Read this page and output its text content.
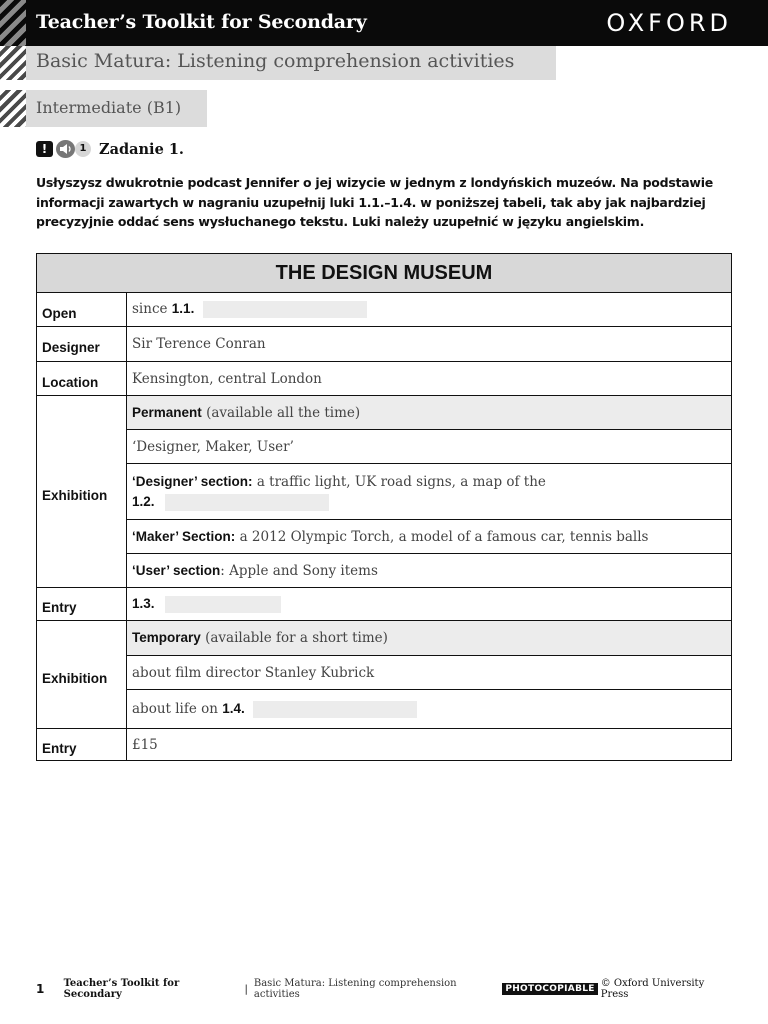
Teacher’s Toolkit for Secondary	OXFORD
Basic Matura: Listening comprehension activities
Intermediate (B1)
!	1 Zadanie 1.
Usłyszysz dwukrotnie podcast Jennifer o jej wizycie w jednym z londyńskich muzeów. Na podstawie informacji zawartych w nagraniu uzupełnij luki 1.1.–1.4. w poniższej tabeli, tak aby jak najbardziej precyzyjnie oddać sens wysłuchanego tekstu. Luki należy uzupełnić w języku angielskim.
THE DESIGN MUSEUM	
Open	since 1.1.
Designer	Sir Terence Conran
Location	Kensington, central London
Exhibition	Permanent (available all the time)
	‘Designer, Maker, User’
	‘Designer’ section: a traffic light, UK road signs, a map of the
1.2.
	‘Maker’ Section: a 2012 Olympic Torch, a model of a famous car, tennis balls
	‘User’ section: Apple and Sony items
Entry	1.3.
Exhibition	Temporary (available for a short time)
	about film director Stanley Kubrick
	about life on 1.4.
Entry	£15
1	Teacher’s Toolkit for Secondary	| Basic Matura: Listening comprehension activities	PHOTOCOPIABLE © Oxford University Press
